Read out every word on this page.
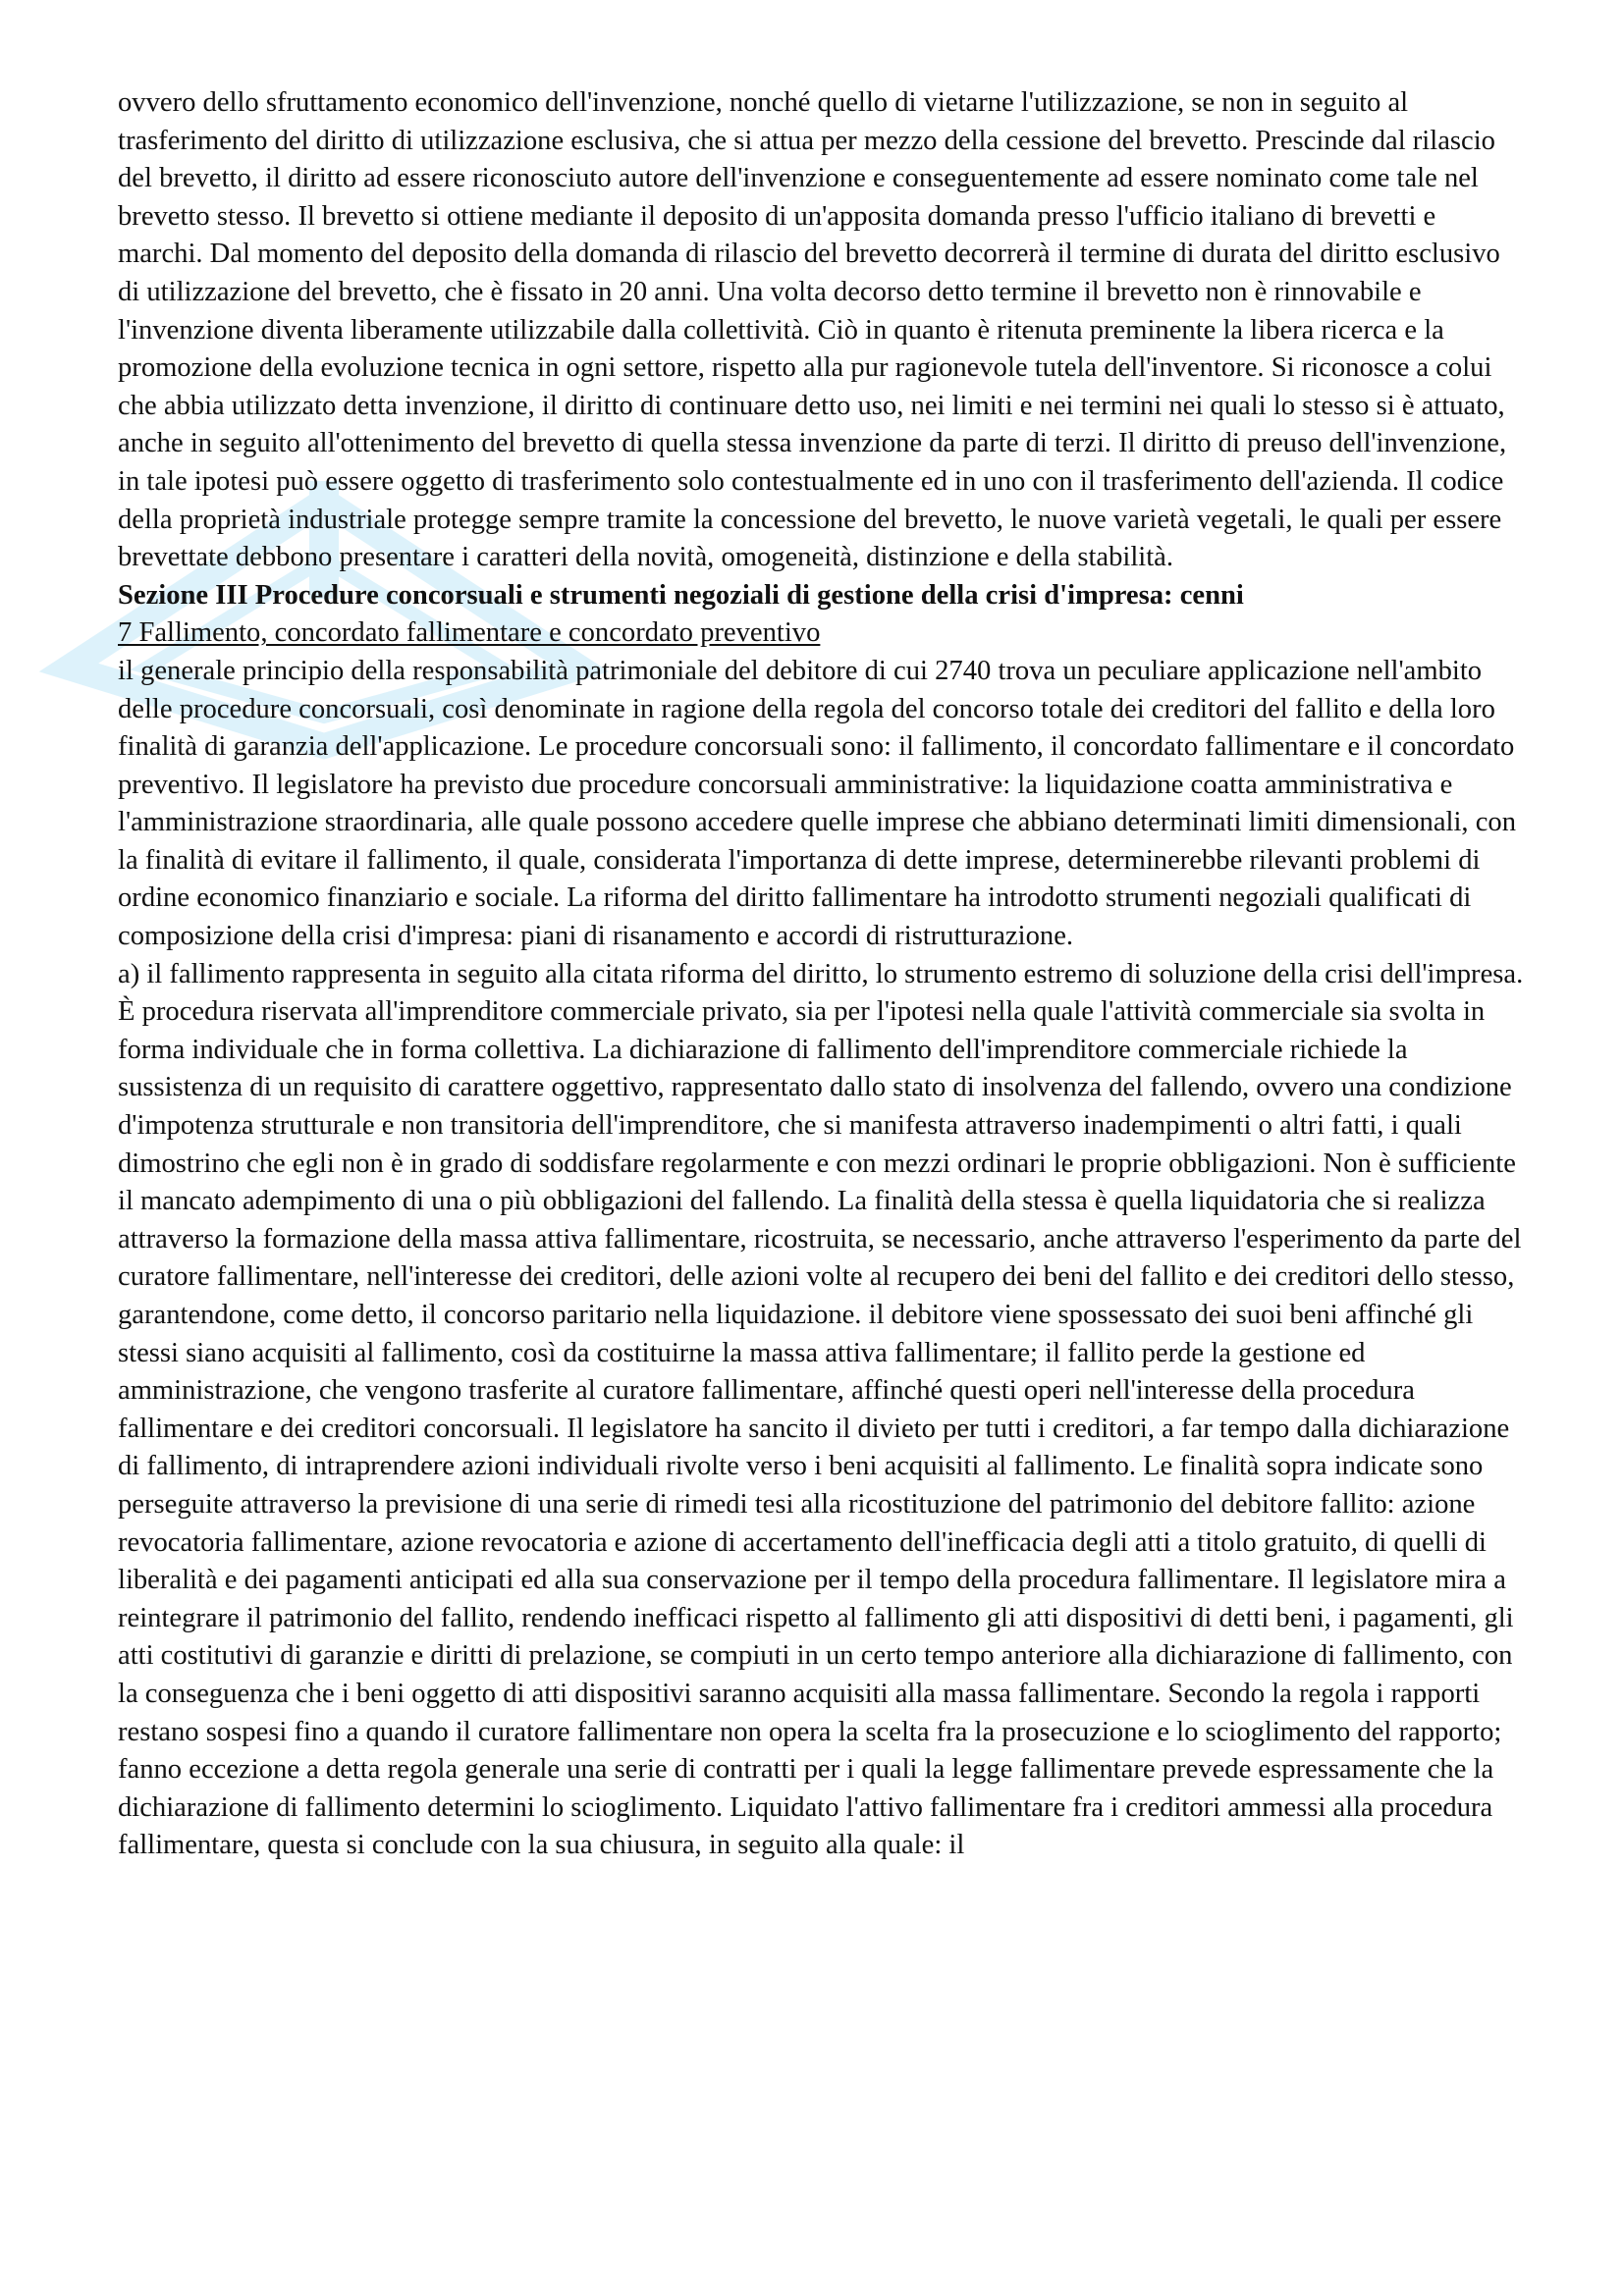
ovvero dello sfruttamento economico dell'invenzione, nonché quello di vietarne l'utilizzazione, se non in seguito al trasferimento del diritto di utilizzazione esclusiva, che si attua per mezzo della cessione del brevetto. Prescinde dal rilascio del brevetto, il diritto ad essere riconosciuto autore dell'invenzione e conseguentemente ad essere nominato come tale nel brevetto stesso. Il brevetto si ottiene mediante il deposito di un'apposita domanda presso l'ufficio italiano di brevetti e marchi. Dal momento del deposito della domanda di rilascio del brevetto decorrerà il termine di durata del diritto esclusivo di utilizzazione del brevetto, che è fissato in 20 anni. Una volta decorso detto termine il brevetto non è rinnovabile e l'invenzione diventa liberamente utilizzabile dalla collettività. Ciò in quanto è ritenuta preminente la libera ricerca e la promozione della evoluzione tecnica in ogni settore, rispetto alla pur ragionevole tutela dell'inventore. Si riconosce a colui che abbia utilizzato detta invenzione, il diritto di continuare detto uso, nei limiti e nei termini nei quali lo stesso si è attuato, anche in seguito all'ottenimento del brevetto di quella stessa invenzione da parte di terzi. Il diritto di preuso dell'invenzione, in tale ipotesi può essere oggetto di trasferimento solo contestualmente ed in uno con il trasferimento dell'azienda. Il codice della proprietà industriale protegge sempre tramite la concessione del brevetto, le nuove varietà vegetali, le quali per essere brevettate debbono presentare i caratteri della novità, omogeneità, distinzione e della stabilità.

Sezione III Procedure concorsuali e strumenti negoziali di gestione della crisi d'impresa: cenni

7 Fallimento, concordato fallimentare e concordato preventivo

il generale principio della responsabilità patrimoniale del debitore di cui 2740 trova un peculiare applicazione nell'ambito delle procedure concorsuali, così denominate in ragione della regola del concorso totale dei creditori del fallito e della loro finalità di garanzia dell'applicazione. Le procedure concorsuali sono: il fallimento, il concordato fallimentare e il concordato preventivo. Il legislatore ha previsto due procedure concorsuali amministrative: la liquidazione coatta amministrativa e l'amministrazione straordinaria, alle quale possono accedere quelle imprese che abbiano determinati limiti dimensionali, con la finalità di evitare il fallimento, il quale, considerata l'importanza di dette imprese, determinerebbe rilevanti problemi di ordine economico finanziario e sociale. La riforma del diritto fallimentare ha introdotto strumenti negoziali qualificati di composizione della crisi d'impresa: piani di risanamento e accordi di ristrutturazione.

a) il fallimento rappresenta in seguito alla citata riforma del diritto, lo strumento estremo di soluzione della crisi dell'impresa. È procedura riservata all'imprenditore commerciale privato, sia per l'ipotesi nella quale l'attività commerciale sia svolta in forma individuale che in forma collettiva. La dichiarazione di fallimento dell'imprenditore commerciale richiede la sussistenza di un requisito di carattere oggettivo, rappresentato dallo stato di insolvenza del fallendo, ovvero una condizione d'impotenza strutturale e non transitoria dell'imprenditore, che si manifesta attraverso inadempimenti o altri fatti, i quali dimostrino che egli non è in grado di soddisfare regolarmente e con mezzi ordinari le proprie obbligazioni. Non è sufficiente il mancato adempimento di una o più obbligazioni del fallendo. La finalità della stessa è quella liquidatoria che si realizza attraverso la formazione della massa attiva fallimentare, ricostruita, se necessario, anche attraverso l'esperimento da parte del curatore fallimentare, nell'interesse dei creditori, delle azioni volte al recupero dei beni del fallito e dei creditori dello stesso, garantendone, come detto, il concorso paritario nella liquidazione. il debitore viene spossessato dei suoi beni affinché gli stessi siano acquisiti al fallimento, così da costituirne la massa attiva fallimentare; il fallito perde la gestione ed amministrazione, che vengono trasferite al curatore fallimentare, affinché questi operi nell'interesse della procedura fallimentare e dei creditori concorsuali. Il legislatore ha sancito il divieto per tutti i creditori, a far tempo dalla dichiarazione di fallimento, di intraprendere azioni individuali rivolte verso i beni acquisiti al fallimento. Le finalità sopra indicate sono perseguite attraverso la previsione di una serie di rimedi tesi alla ricostituzione del patrimonio del debitore fallito: azione revocatoria fallimentare, azione revocatoria e azione di accertamento dell'inefficacia degli atti a titolo gratuito, di quelli di liberalità e dei pagamenti anticipati ed alla sua conservazione per il tempo della procedura fallimentare. Il legislatore mira a reintegrare il patrimonio del fallito, rendendo inefficaci rispetto al fallimento gli atti dispositivi di detti beni, i pagamenti, gli atti costitutivi di garanzie e diritti di prelazione, se compiuti in un certo tempo anteriore alla dichiarazione di fallimento, con la conseguenza che i beni oggetto di atti dispositivi saranno acquisiti alla massa fallimentare. Secondo la regola i rapporti restano sospesi fino a quando il curatore fallimentare non opera la scelta fra la prosecuzione e lo scioglimento del rapporto; fanno eccezione a detta regola generale una serie di contratti per i quali la legge fallimentare prevede espressamente che la dichiarazione di fallimento determini lo scioglimento. Liquidato l'attivo fallimentare fra i creditori ammessi alla procedura fallimentare, questa si conclude con la sua chiusura, in seguito alla quale: il
